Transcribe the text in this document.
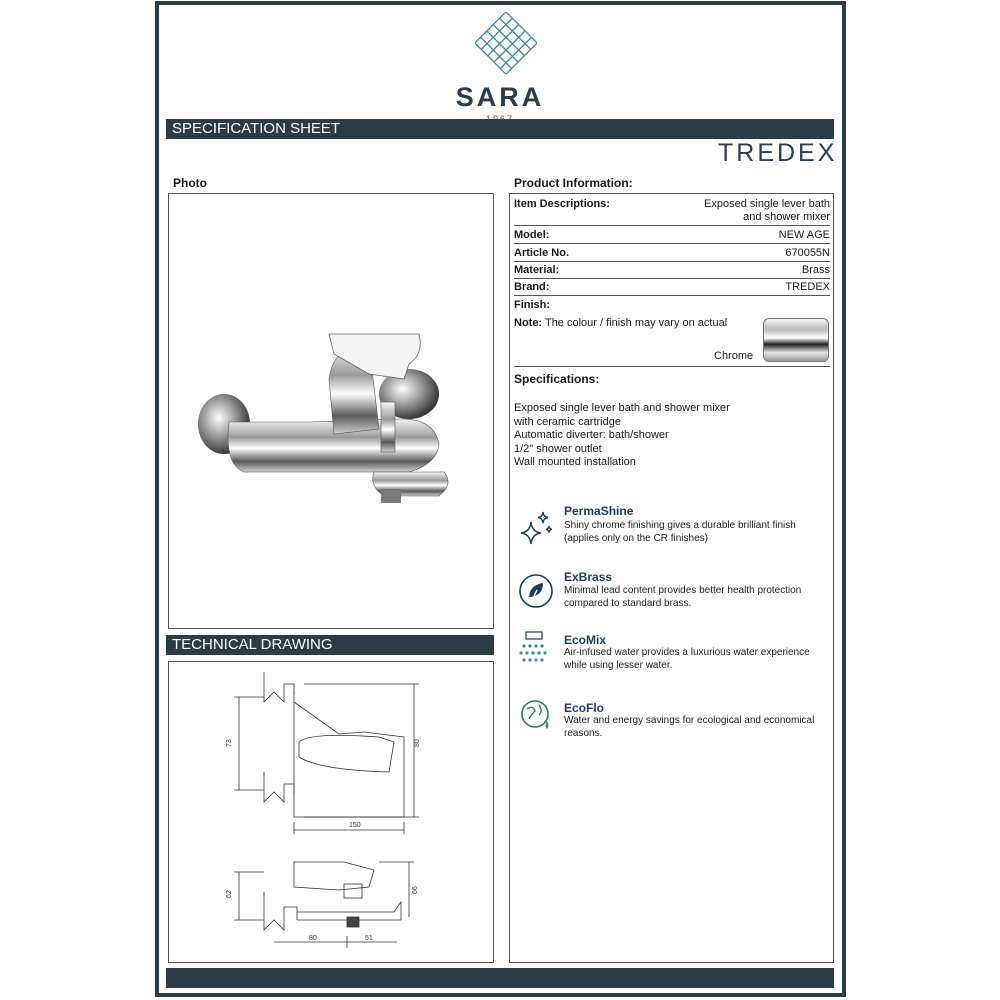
SARA
SPECIFICATION SHEET
TREDEX
Photo
TECHNICAL DRAWING
150
73	80
80	51
62
66
Product Information:
Item Descriptions:	Exposed single lever bath
and shower mixer
Model:	NEW AGE
Article No.	670055N
Material:	Brass
Brand:	TREDEX
Finish:
Note: The colour / finish may vary on actual
Chrome
Specifications:
Exposed single lever bath and shower mixer
with ceramic cartridge
Automatic diverter: bath/shower
1/2" shower outlet
Wall mounted installation
PermaShine
Shiny chrome finishing gives a durable brilliant finish
(applies only on the CR finishes)
ExBrass
Minimal lead content provides better health protection
compared to standard brass.
EcoMix
Air-infused water provides a luxurious water experience
while using lesser water.
EcoFlo
Water and energy savings for ecological and economical
reasons.
